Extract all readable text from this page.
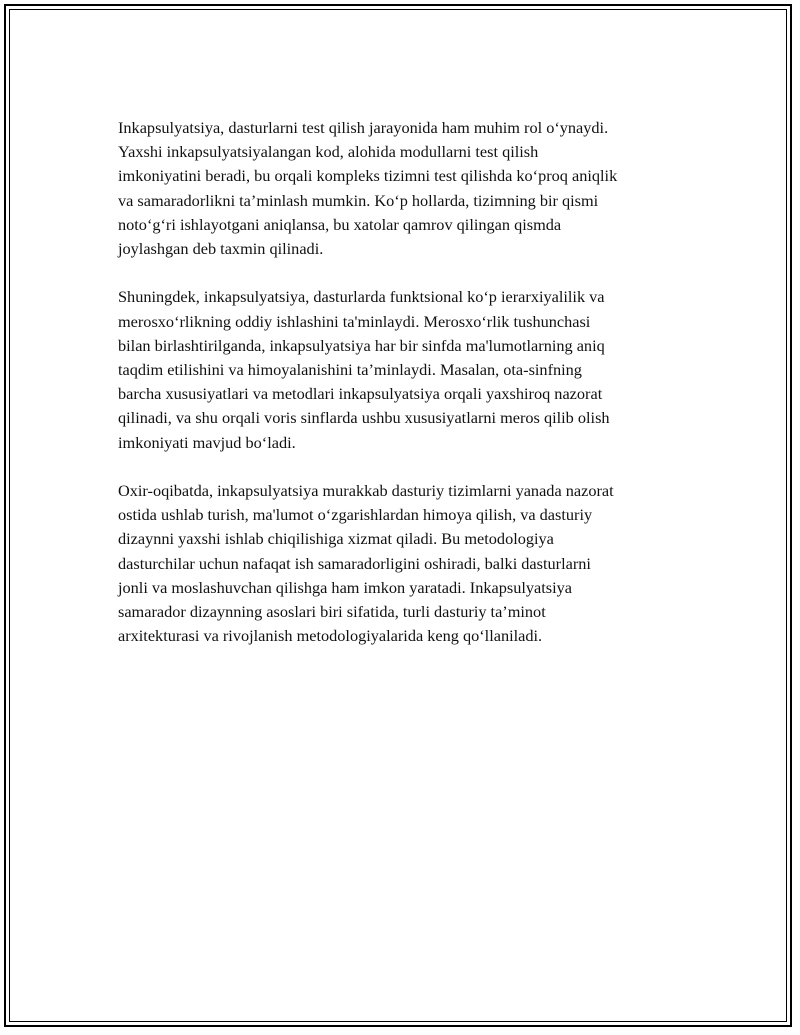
Inkapsulyatsiya, dasturlarni test qilish jarayonida ham muhim rol oʻynaydi.
Yaxshi inkapsulyatsiyalangan kod, alohida modullarni test qilish
imkoniyatini beradi, bu orqali kompleks tizimni test qilishda koʻproq aniqlik
va samaradorlikni ta’minlash mumkin. Koʻp hollarda, tizimning bir qismi
notoʻgʻri ishlayotgani aniqlansa, bu xatolar qamrov qilingan qismda
joylashgan deb taxmin qilinadi.

Shuningdek, inkapsulyatsiya, dasturlarda funktsional koʻp ierarxiyalilik va
merosxoʻrlikning oddiy ishlashini ta'minlaydi. Merosxoʻrlik tushunchasi
bilan birlashtirilganda, inkapsulyatsiya har bir sinfda ma'lumotlarning aniq
taqdim etilishini va himoyalanishini ta’minlaydi. Masalan, ota-sinfning
barcha xususiyatlari va metodlari inkapsulyatsiya orqali yaxshiroq nazorat
qilinadi, va shu orqali voris sinflarda ushbu xususiyatlarni meros qilib olish
imkoniyati mavjud boʻladi.

Oxir-oqibatda, inkapsulyatsiya murakkab dasturiy tizimlarni yanada nazorat
ostida ushlab turish, ma'lumot oʻzgarishlardan himoya qilish, va dasturiy
dizaynni yaxshi ishlab chiqilishiga xizmat qiladi. Bu metodologiya
dasturchilar uchun nafaqat ish samaradorligini oshiradi, balki dasturlarni
jonli va moslashuvchan qilishga ham imkon yaratadi. Inkapsulyatsiya
samarador dizaynning asoslari biri sifatida, turli dasturiy ta’minot
arxitekturasi va rivojlanish metodologiyalarida keng qoʻllaniladi.
